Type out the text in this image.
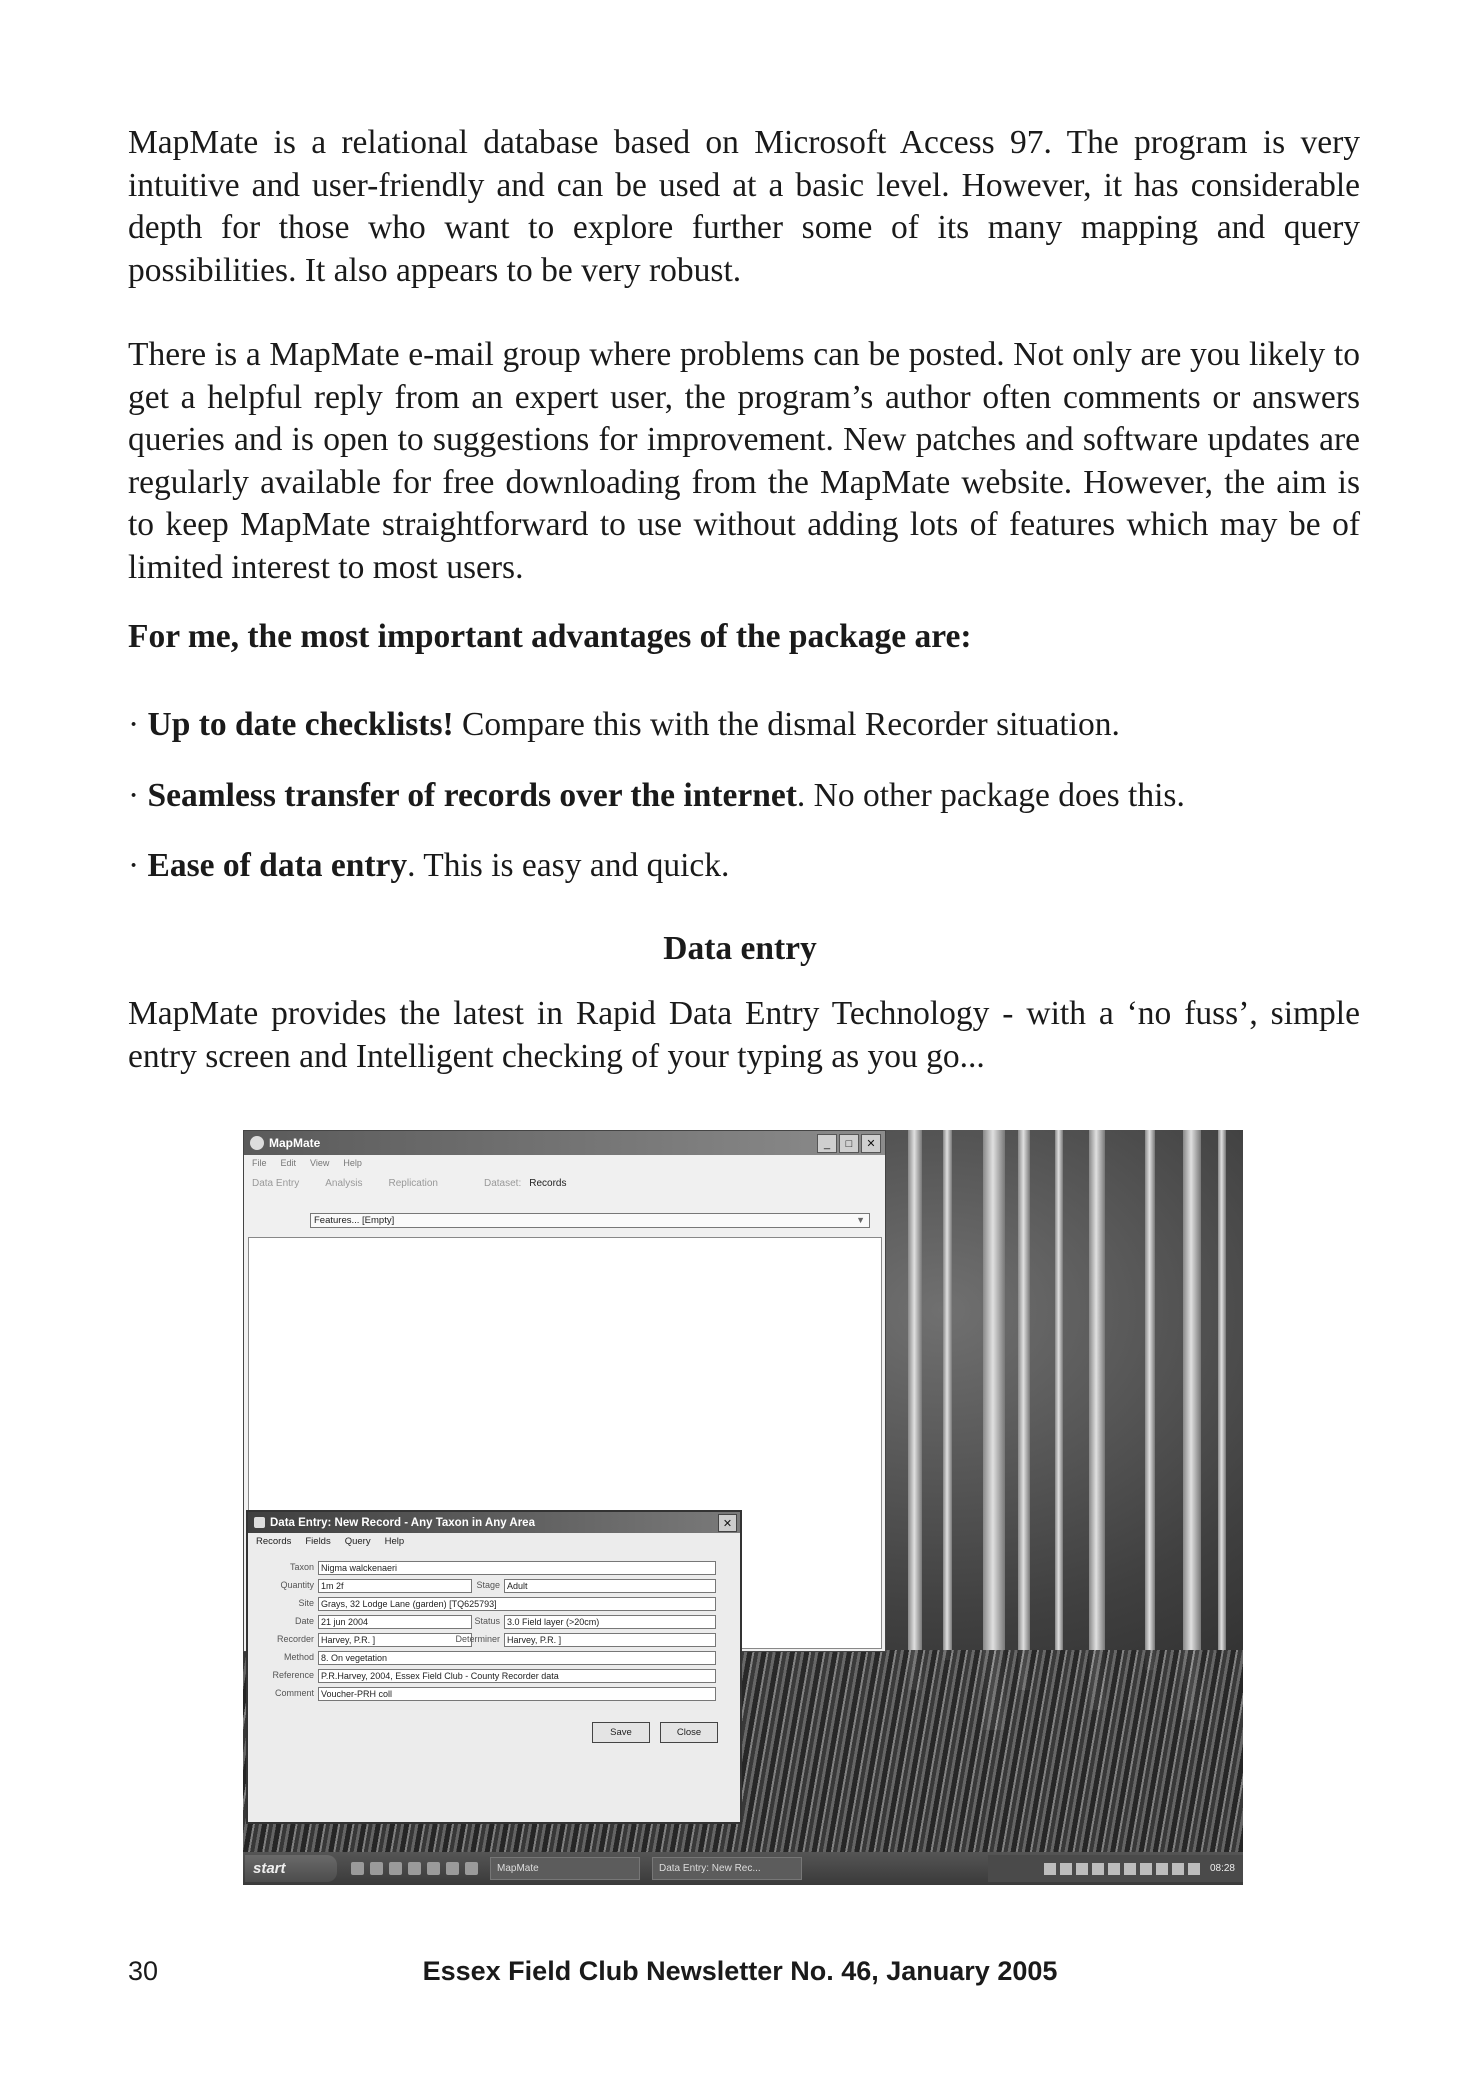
MapMate is a relational database based on Microsoft Access 97. The program is very intuitive and user-friendly and can be used at a basic level. However, it has considerable depth for those who want to explore further some of its many mapping and query possibilities. It also appears to be very robust.

There is a MapMate e-mail group where problems can be posted. Not only are you likely to get a helpful reply from an expert user, the program’s author often comments or answers queries and is open to suggestions for improvement. New patches and software updates are regularly available for free downloading from the MapMate website. However, the aim is to keep MapMate straightforward to use without adding lots of features which may be of limited interest to most users.

For me, the most important advantages of the package are:
· Up to date checklists! Compare this with the dismal Recorder situation.
· Seamless transfer of records over the internet. No other package does this.
· Ease of data entry. This is easy and quick.
Data entry

MapMate provides the latest in Rapid Data Entry Technology - with a ‘no fuss’, simple entry screen and Intelligent checking of your typing as you go...

MapMate	_	□	✕
File Edit View Help
Data Entry	Analysis	Replication	Dataset: Records
Features... [Empty]	▼
Data Entry: New Record - Any Taxon in Any Area	✕
Records Fields Query Help
Taxon Nigma walckenaeri
Quantity 1m 2f	Stage Adult
Site Grays, 32 Lodge Lane (garden) [TQ625793]
Date 21 jun 2004	Status 3.0 Field layer (>20cm)
Recorder Harvey, P.R. ]	Determiner Harvey, P.R. ]
Method 8. On vegetation
Reference P.R.Harvey, 2004, Essex Field Club - County Recorder data
Comment Voucher-PRH coll
Save	Close
start	MapMate	Data Entry: New Rec...	08:28
30	Essex Field Club Newsletter No. 46, January 2005
